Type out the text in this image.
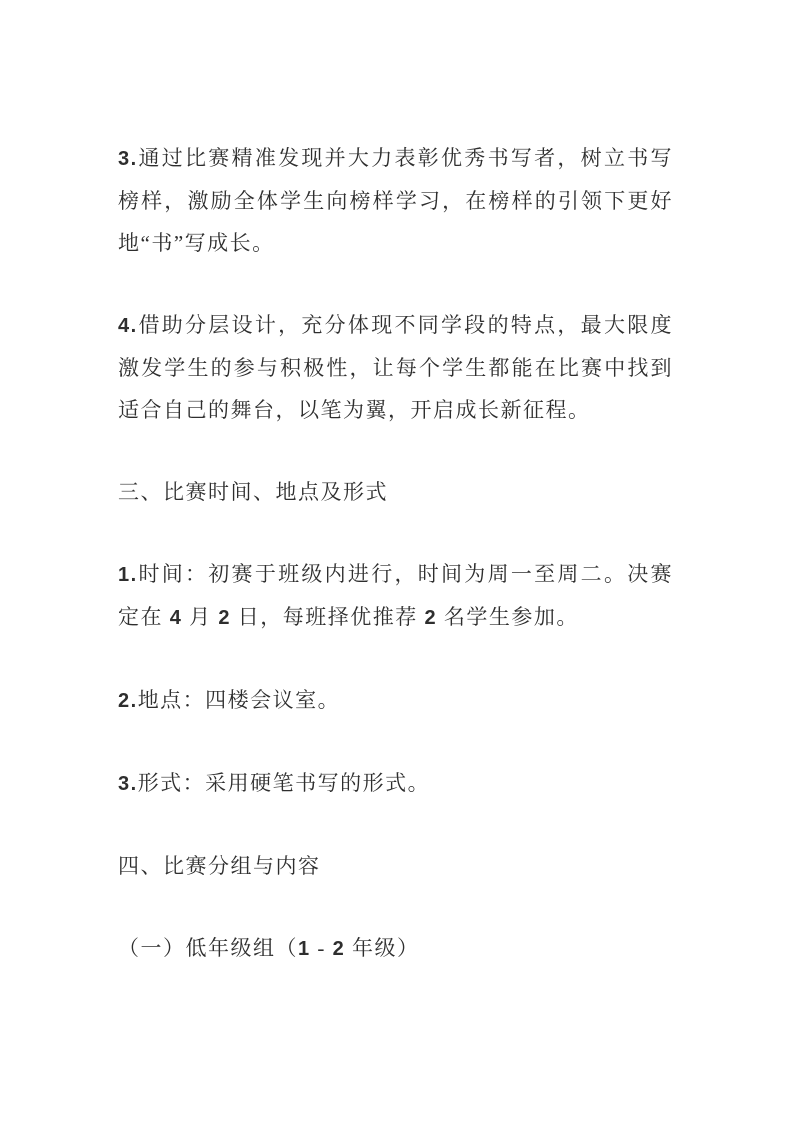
3.通过比赛精准发现并大力表彰优秀书写者，树立书写榜样，激励全体学生向榜样学习，在榜样的引领下更好地“书”写成长。

4.借助分层设计，充分体现不同学段的特点，最大限度激发学生的参与积极性，让每个学生都能在比赛中找到适合自己的舞台，以笔为翼，开启成长新征程。

三、比赛时间、地点及形式

1.时间：初赛于班级内进行，时间为周一至周二。决赛定在 4 月 2 日，每班择优推荐 2 名学生参加。

2.地点：四楼会议室。

3.形式：采用硬笔书写的形式。

四、比赛分组与内容

（一）低年级组（1 - 2 年级）
